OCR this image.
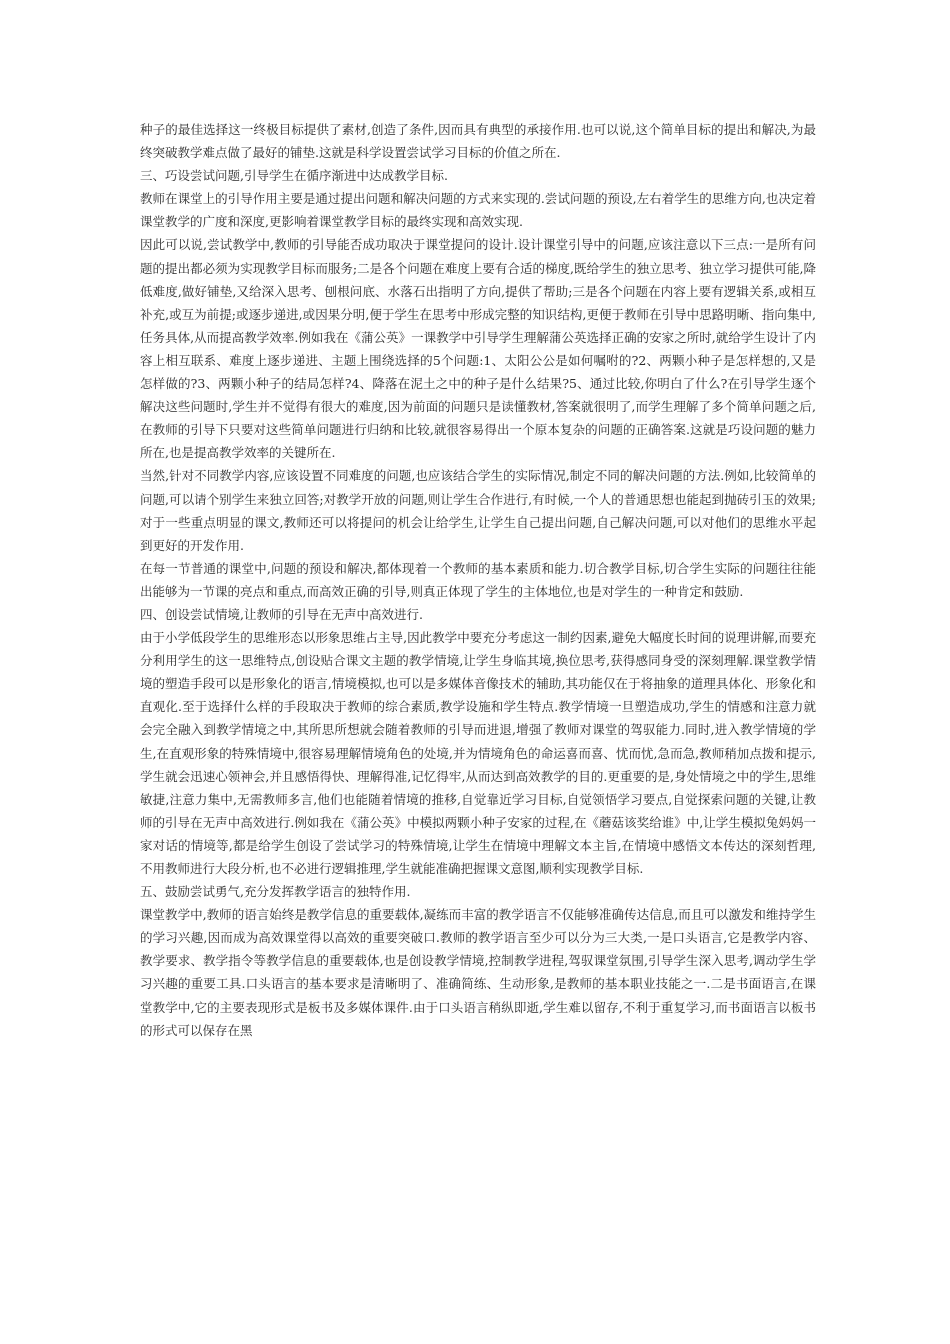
种子的最佳选择这一终极目标提供了素材,创造了条件,因而具有典型的承接作用.也可以说,这个简单目标的提出和解决,为最终突破教学难点做了最好的铺垫.这就是科学设置尝试学习目标的价值之所在.

三、巧设尝试问题,引导学生在循序渐进中达成教学目标.

教师在课堂上的引导作用主要是通过提出问题和解决问题的方式来实现的.尝试问题的预设,左右着学生的思维方向,也决定着课堂教学的广度和深度,更影响着课堂教学目标的最终实现和高效实现.

因此可以说,尝试教学中,教师的引导能否成功取决于课堂提问的设计.设计课堂引导中的问题,应该注意以下三点:一是所有问题的提出都必须为实现教学目标而服务;二是各个问题在难度上要有合适的梯度,既给学生的独立思考、独立学习提供可能,降低难度,做好铺垫,又给深入思考、刨根问底、水落石出指明了方向,提供了帮助;三是各个问题在内容上要有逻辑关系,或相互补充,或互为前提;或逐步递进,或因果分明,便于学生在思考中形成完整的知识结构,更便于教师在引导中思路明晰、指向集中,任务具体,从而提高教学效率.例如我在《蒲公英》一课教学中引导学生理解蒲公英选择正确的安家之所时,就给学生设计了内容上相互联系、难度上逐步递进、主题上围绕选择的5个问题:1、太阳公公是如何嘱咐的?2、两颗小种子是怎样想的,又是怎样做的?3、两颗小种子的结局怎样?4、降落在泥土之中的种子是什么结果?5、通过比较,你明白了什么?在引导学生逐个解决这些问题时,学生并不觉得有很大的难度,因为前面的问题只是读懂教材,答案就很明了,而学生理解了多个简单问题之后,在教师的引导下只要对这些简单问题进行归纳和比较,就很容易得出一个原本复杂的问题的正确答案.这就是巧设问题的魅力所在,也是提高教学效率的关键所在.

当然,针对不同教学内容,应该设置不同难度的问题,也应该结合学生的实际情况,制定不同的解决问题的方法.例如,比较简单的问题,可以请个别学生来独立回答;对教学开放的问题,则让学生合作进行,有时候,一个人的普通思想也能起到抛砖引玉的效果;对于一些重点明显的课文,教师还可以将提问的机会让给学生,让学生自己提出问题,自己解决问题,可以对他们的思维水平起到更好的开发作用.

在每一节普通的课堂中,问题的预设和解决,都体现着一个教师的基本素质和能力.切合教学目标,切合学生实际的问题往往能出能够为一节课的亮点和重点,而高效正确的引导,则真正体现了学生的主体地位,也是对学生的一种肯定和鼓励.

四、创设尝试情境,让教师的引导在无声中高效进行.

由于小学低段学生的思维形态以形象思维占主导,因此教学中要充分考虑这一制约因素,避免大幅度长时间的说理讲解,而要充分利用学生的这一思维特点,创设贴合课文主题的教学情境,让学生身临其境,换位思考,获得感同身受的深刻理解.课堂教学情境的塑造手段可以是形象化的语言,情境模拟,也可以是多媒体音像技术的辅助,其功能仅在于将抽象的道理具体化、形象化和直观化.至于选择什么样的手段取决于教师的综合素质,教学设施和学生特点.教学情境一旦塑造成功,学生的情感和注意力就会完全融入到教学情境之中,其所思所想就会随着教师的引导而进退,增强了教师对课堂的驾驭能力.同时,进入教学情境的学生,在直观形象的特殊情境中,很容易理解情境角色的处境,并为情境角色的命运喜而喜、忧而忧,急而急,教师稍加点拨和提示,学生就会迅速心领神会,并且感悟得快、理解得准,记忆得牢,从而达到高效教学的目的.更重要的是,身处情境之中的学生,思维敏捷,注意力集中,无需教师多言,他们也能随着情境的推移,自觉靠近学习目标,自觉领悟学习要点,自觉探索问题的关键,让教师的引导在无声中高效进行.例如我在《蒲公英》中模拟两颗小种子安家的过程,在《蘑菇该奖给谁》中,让学生模拟兔妈妈一家对话的情境等,都是给学生创设了尝试学习的特殊情境,让学生在情境中理解文本主旨,在情境中感悟文本传达的深刻哲理,不用教师进行大段分析,也不必进行逻辑推理,学生就能准确把握课文意图,顺利实现教学目标.

五、鼓励尝试勇气,充分发挥教学语言的独特作用.

课堂教学中,教师的语言始终是教学信息的重要载体,凝练而丰富的教学语言不仅能够准确传达信息,而且可以激发和维持学生的学习兴趣,因而成为高效课堂得以高效的重要突破口.教师的教学语言至少可以分为三大类,一是口头语言,它是教学内容、教学要求、教学指令等教学信息的重要载体,也是创设教学情境,控制教学进程,驾驭课堂氛围,引导学生深入思考,调动学生学习兴趣的重要工具.口头语言的基本要求是清晰明了、准确简练、生动形象,是教师的基本职业技能之一.二是书面语言,在课堂教学中,它的主要表现形式是板书及多媒体课件.由于口头语言稍纵即逝,学生难以留存,不利于重复学习,而书面语言以板书的形式可以保存在黑
